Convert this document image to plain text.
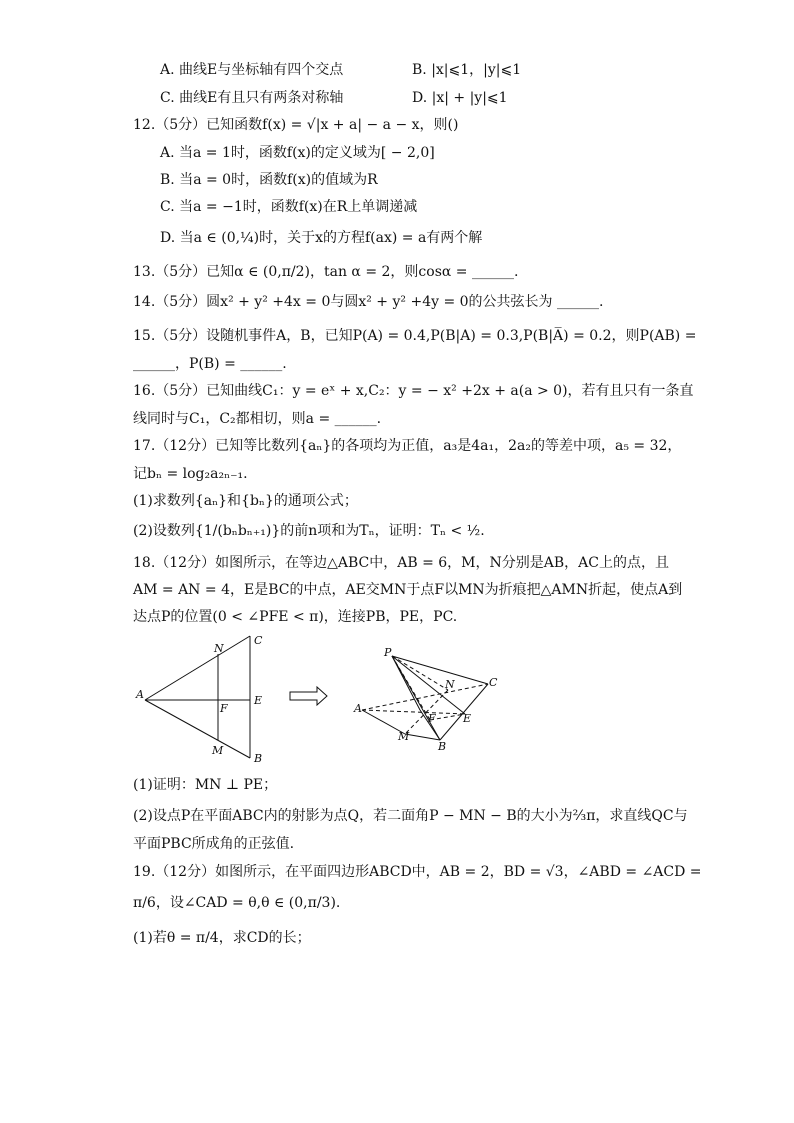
A. 曲线E与坐标轴有四个交点	B. |x|⩽1，|y|⩽1
C. 曲线E有且只有两条对称轴	D. |x| + |y|⩽1
12.（5分）已知函数f(x) = √|x + a| − a − x，则()
A. 当a = 1时，函数f(x)的定义域为[ − 2,0]
B. 当a = 0时，函数f(x)的值域为R
C. 当a = −1时，函数f(x)在R上单调递减
D. 当a ∈ (0,¼)时，关于x的方程f(ax) = a有两个解
13.（5分）已知α ∈ (0,π/2)，tan α = 2，则cosα = ______.
14.（5分）圆x² + y² +4x = 0与圆x² + y² +4y = 0的公共弦长为 ______.
15.（5分）设随机事件A，B，已知P(A) = 0.4,P(B|A) = 0.3,P(B|A̅) = 0.2，则P(AB) =
______，P(B) = ______.
16.（5分）已知曲线C₁：y = eˣ + x,C₂：y = − x² +2x + a(a > 0)，若有且只有一条直
线同时与C₁，C₂都相切，则a = ______.
17.（12分）已知等比数列{aₙ}的各项均为正值，a₃是4a₁，2a₂的等差中项，a₅ = 32，
记bₙ = log₂a₂ₙ₋₁.
(1)求数列{aₙ}和{bₙ}的通项公式；
(2)设数列{1/(bₙbₙ₊₁)}的前n项和为Tₙ，证明：Tₙ < ½.
18.（12分）如图所示，在等边△ABC中，AB = 6，M，N分别是AB，AC上的点，且
AM = AN = 4，E是BC的中点，AE交MN于点F以MN为折痕把△AMN折起，使点A到
达点P的位置(0 < ∠PFE < π)，连接PB，PE，PC.
A
N
C
E
F
M
B
P
N	C
A
F E
M
B
(1)证明：MN ⊥ PE；
(2)设点P在平面ABC内的射影为点Q，若二面角P − MN − B的大小为⅔π，求直线QC与
平面PBC所成角的正弦值.
19.（12分）如图所示，在平面四边形ABCD中，AB = 2，BD = √3，∠ABD = ∠ACD =
π/6，设∠CAD = θ,θ ∈ (0,π/3).
(1)若θ = π/4，求CD的长；
